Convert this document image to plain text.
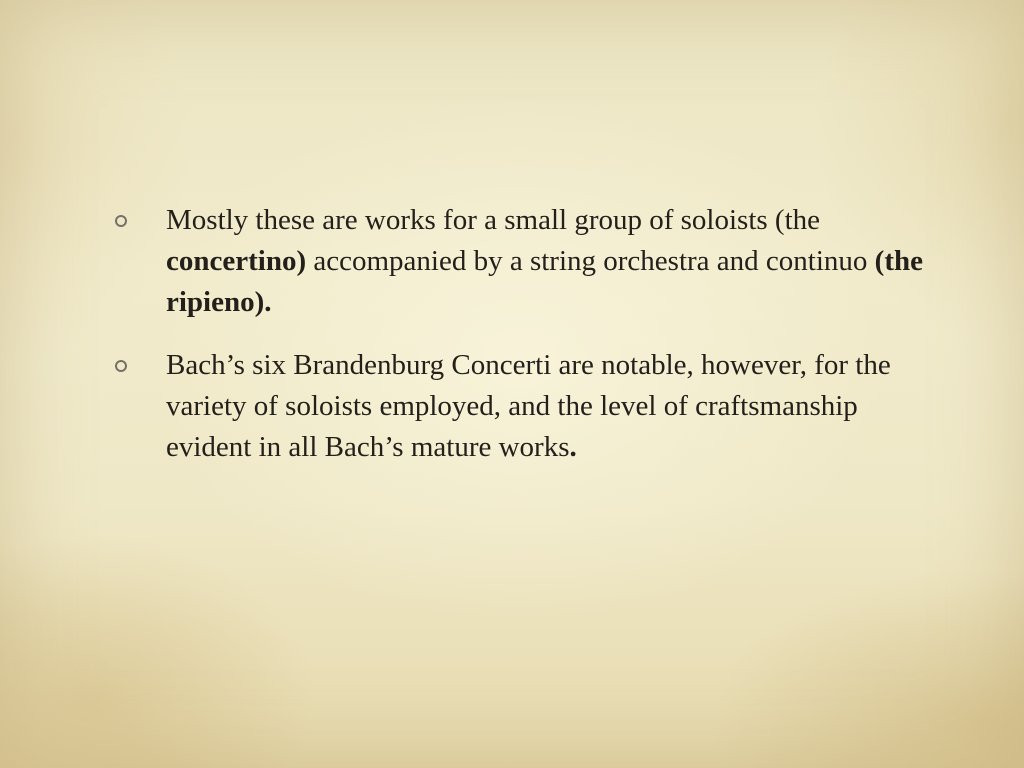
Mostly these are works for a small group of soloists (the concertino) accompanied by a string orchestra and continuo (the ripieno).
Bach’s six Brandenburg Concerti are notable, however, for the variety of soloists employed, and the level of craftsmanship evident in all Bach’s mature works.
